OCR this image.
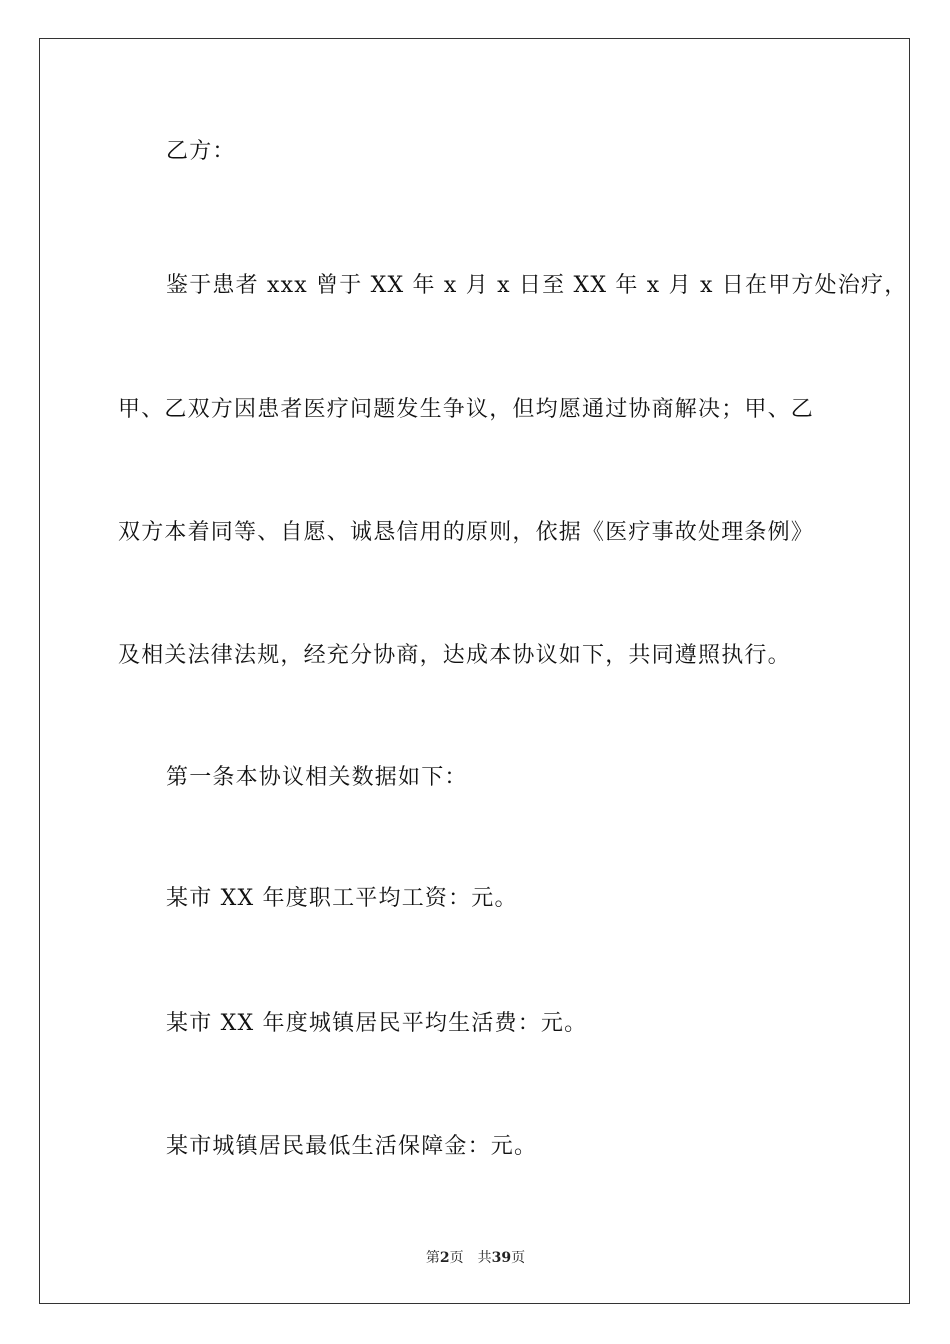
乙方：
鉴于患者 xxx 曾于 XX 年 x 月 x 日至 XX 年 x 月 x 日在甲方处治疗，
甲、乙双方因患者医疗问题发生争议，但均愿通过协商解决；甲、乙
双方本着同等、自愿、诚恳信用的原则，依据《医疗事故处理条例》
及相关法律法规，经充分协商，达成本协议如下，共同遵照执行。
第一条本协议相关数据如下：
某市 XX 年度职工平均工资：元。
某市 XX 年度城镇居民平均生活费：元。
某市城镇居民最低生活保障金：元。
第2页 共39页
